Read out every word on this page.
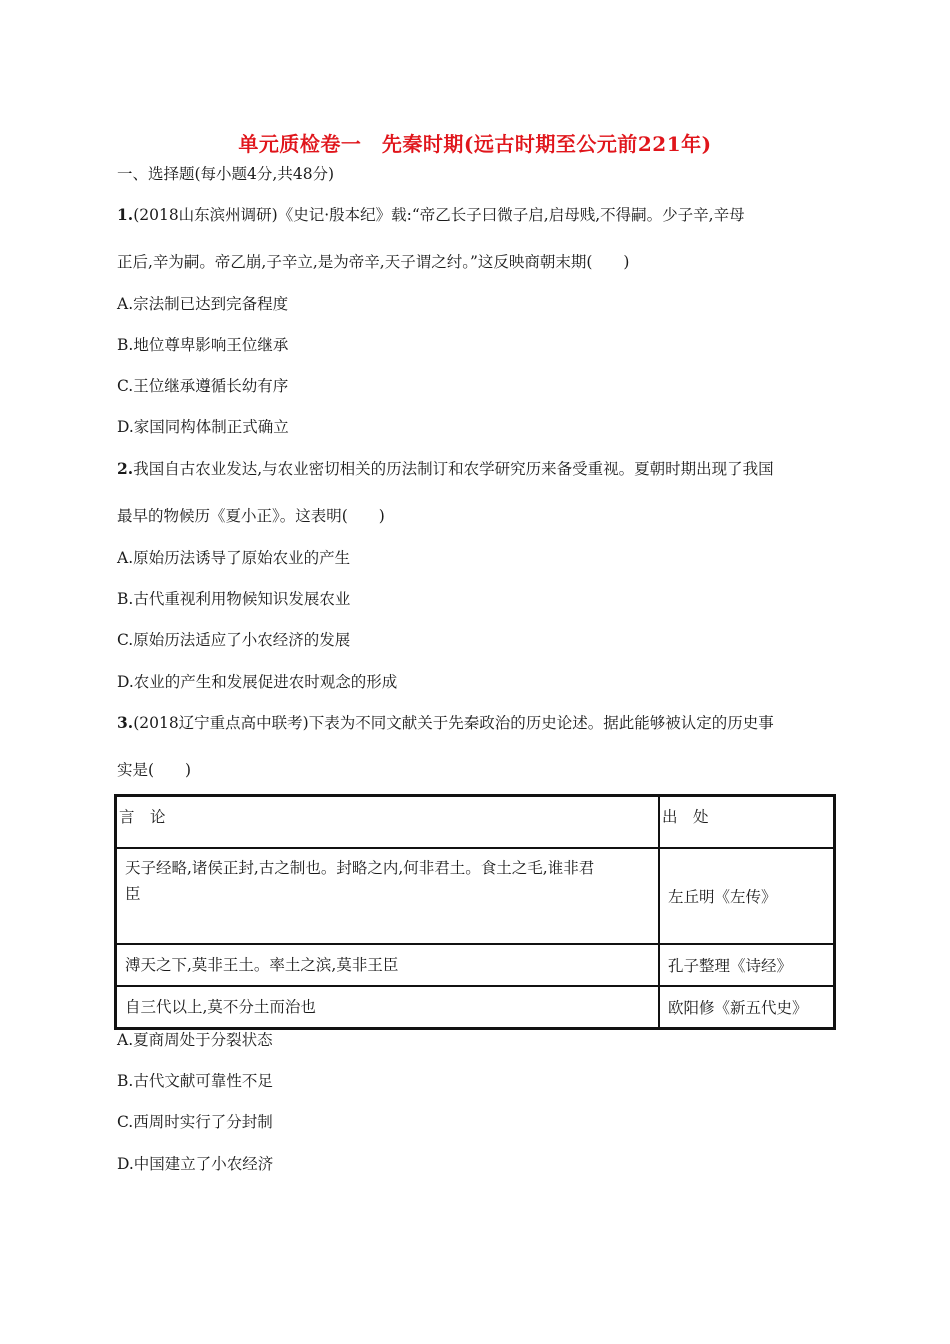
单元质检卷一　先秦时期(远古时期至公元前221年)
一、选择题(每小题4分,共48分)
1.(2018山东滨州调研)《史记·殷本纪》载:“帝乙长子曰微子启,启母贱,不得嗣。少子辛,辛母
正后,辛为嗣。帝乙崩,子辛立,是为帝辛,天子谓之纣。”这反映商朝末期(　　)
A.宗法制已达到完备程度
B.地位尊卑影响王位继承
C.王位继承遵循长幼有序
D.家国同构体制正式确立
2.我国自古农业发达,与农业密切相关的历法制订和农学研究历来备受重视。夏朝时期出现了我国
最早的物候历《夏小正》。这表明(　　)
A.原始历法诱导了原始农业的产生
B.古代重视利用物候知识发展农业
C.原始历法适应了小农经济的发展
D.农业的产生和发展促进农时观念的形成
3.(2018辽宁重点高中联考)下表为不同文献关于先秦政治的历史论述。据此能够被认定的历史事
实是(　　)
言　论	出　处
天子经略,诸侯正封,古之制也。封略之内,何非君土。食土之毛,谁非君
臣	左丘明《左传》
溥天之下,莫非王土。率土之滨,莫非王臣	孔子整理《诗经》
自三代以上,莫不分土而治也	欧阳修《新五代史》
A.夏商周处于分裂状态
B.古代文献可靠性不足
C.西周时实行了分封制
D.中国建立了小农经济
